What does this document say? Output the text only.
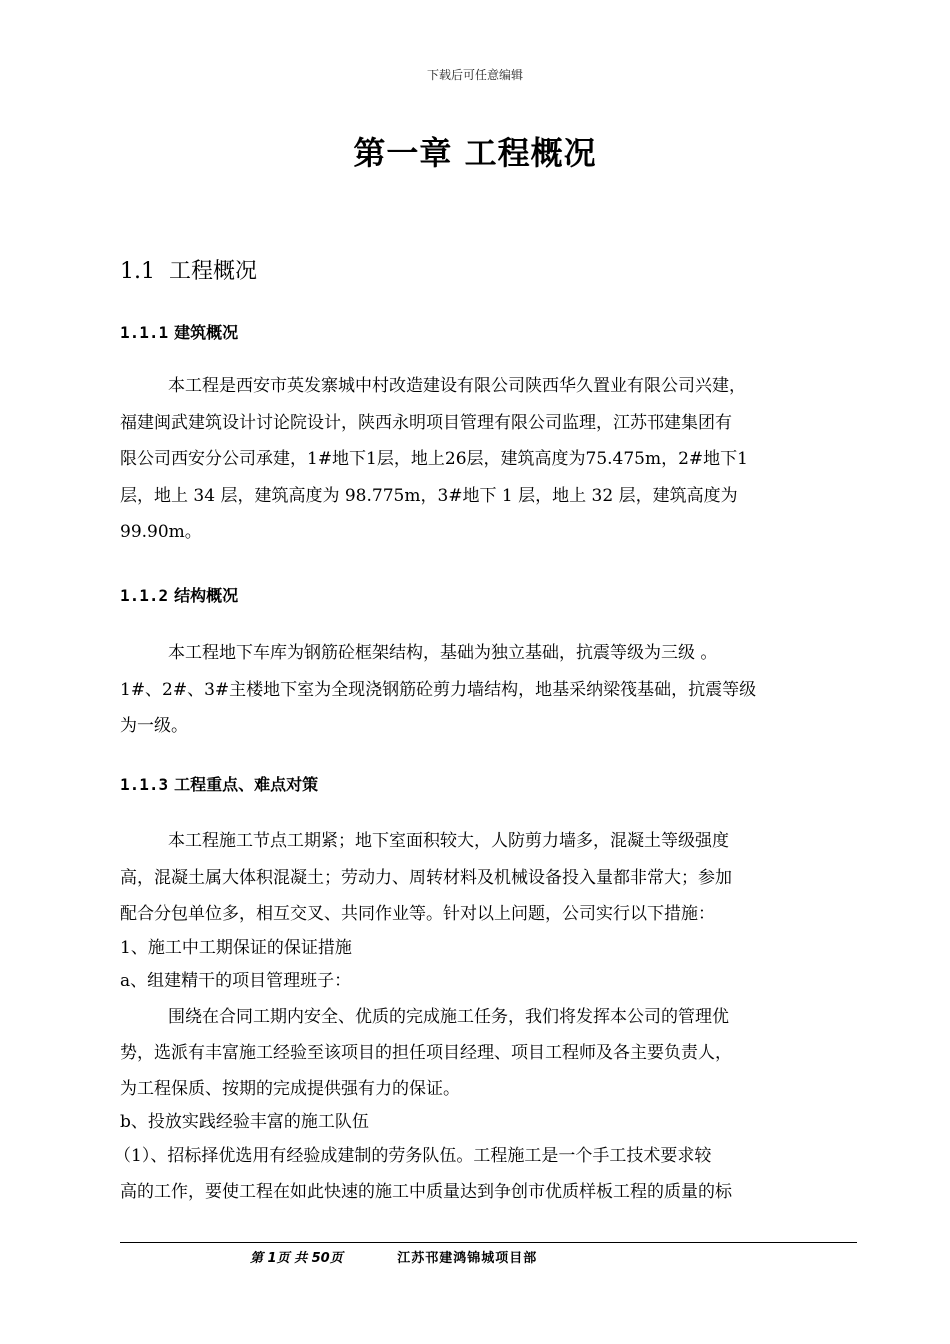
下载后可任意编辑
第一章 工程概况
1.1 工程概况
1.1.1 建筑概况
本工程是西安市英发寨城中村改造建设有限公司陕西华久置业有限公司兴建，
福建闽武建筑设计讨论院设计，陕西永明项目管理有限公司监理，江苏邗建集团有
限公司西安分公司承建，1#地下1层，地上26层，建筑高度为75.475m，2#地下1
层，地上 34 层，建筑高度为 98.775m，3#地下 1 层，地上 32 层，建筑高度为
99.90m。
1.1.2 结构概况
本工程地下车库为钢筋砼框架结构，基础为独立基础，抗震等级为三级 。
1#、2#、3#主楼地下室为全现浇钢筋砼剪力墙结构，地基采纳梁筏基础，抗震等级
为一级。
1.1.3 工程重点、难点对策
本工程施工节点工期紧；地下室面积较大，人防剪力墙多，混凝土等级强度
高，混凝土属大体积混凝土；劳动力、周转材料及机械设备投入量都非常大；参加
配合分包单位多，相互交叉、共同作业等。针对以上问题，公司实行以下措施：
1、施工中工期保证的保证措施
a、组建精干的项目管理班子：
围绕在合同工期内安全、优质的完成施工任务，我们将发挥本公司的管理优
势，选派有丰富施工经验至该项目的担任项目经理、项目工程师及各主要负责人，
为工程保质、按期的完成提供强有力的保证。
b、投放实践经验丰富的施工队伍
（1）、招标择优选用有经验成建制的劳务队伍。工程施工是一个手工技术要求较
高的工作，要使工程在如此快速的施工中质量达到争创市优质样板工程的质量的标
第 1页 共 50页	江苏邗建鸿锦城项目部
